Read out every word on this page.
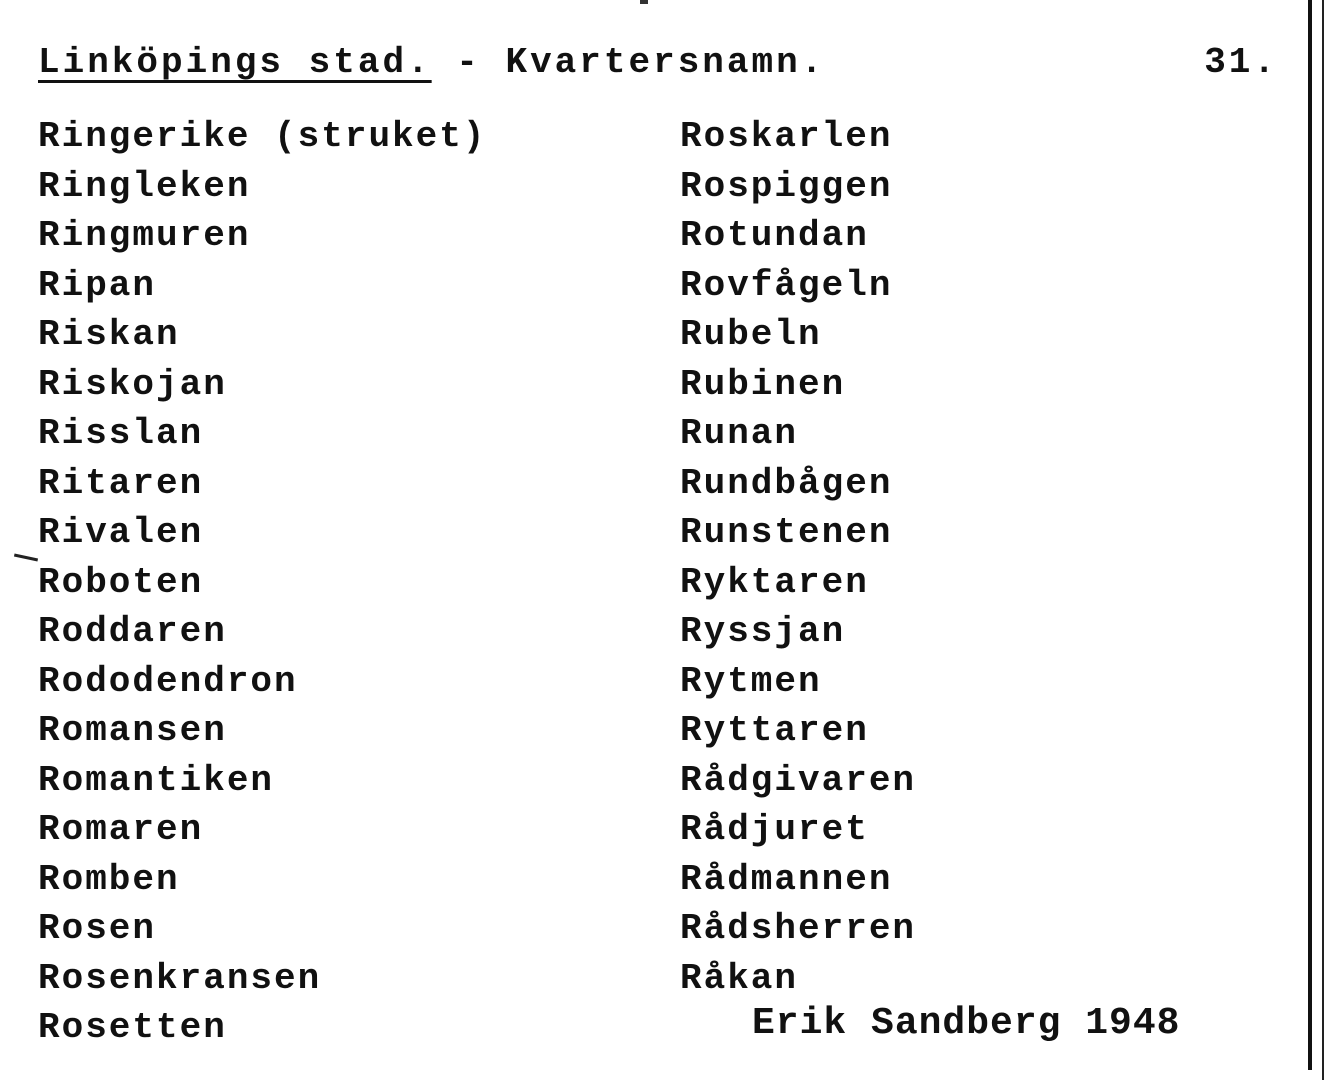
Linköpings stad. - Kvartersnamn.	31.
Ringerike (struket)
Ringleken
Ringmuren
Ripan
Riskan
Riskojan
Risslan
Ritaren
Rivalen
Roboten
Roddaren
Rododendron
Romansen
Romantiken
Romaren
Romben
Rosen
Rosenkransen
Rosetten
Roskarlen
Rospiggen
Rotundan
Rovfågeln
Rubeln
Rubinen
Runan
Rundbågen
Runstenen
Ryktaren
Ryssjan
Rytmen
Ryttaren
Rådgivaren
Rådjuret
Rådmannen
Rådsherren
Råkan
Erik Sandberg 1948
